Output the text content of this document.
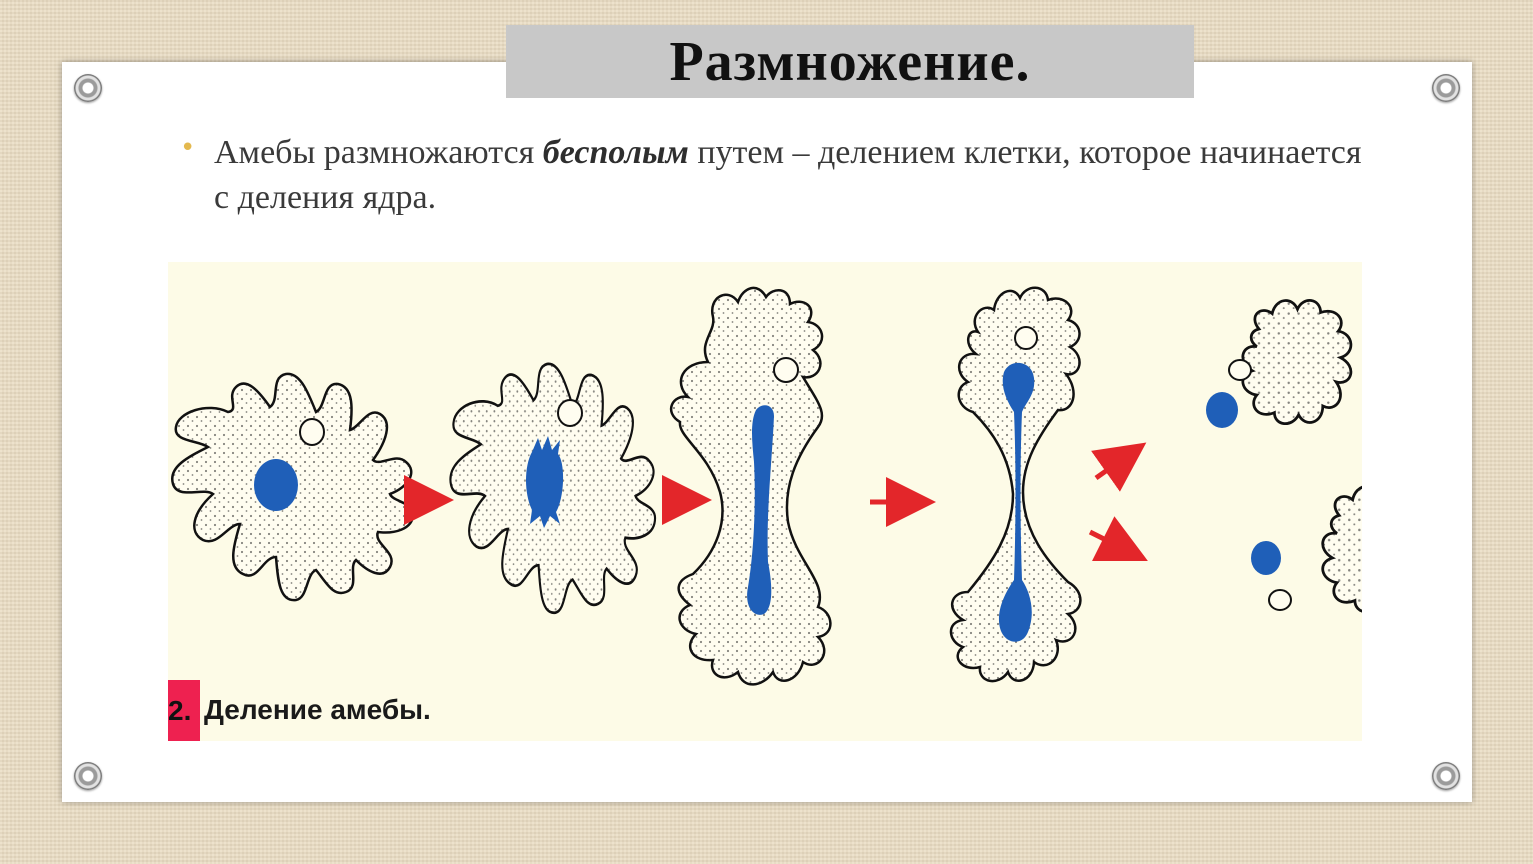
Размножение.
• Амебы размножаются бесполым путем – делением клетки, которое начинается с деления ядра.
2. Деление амебы.
